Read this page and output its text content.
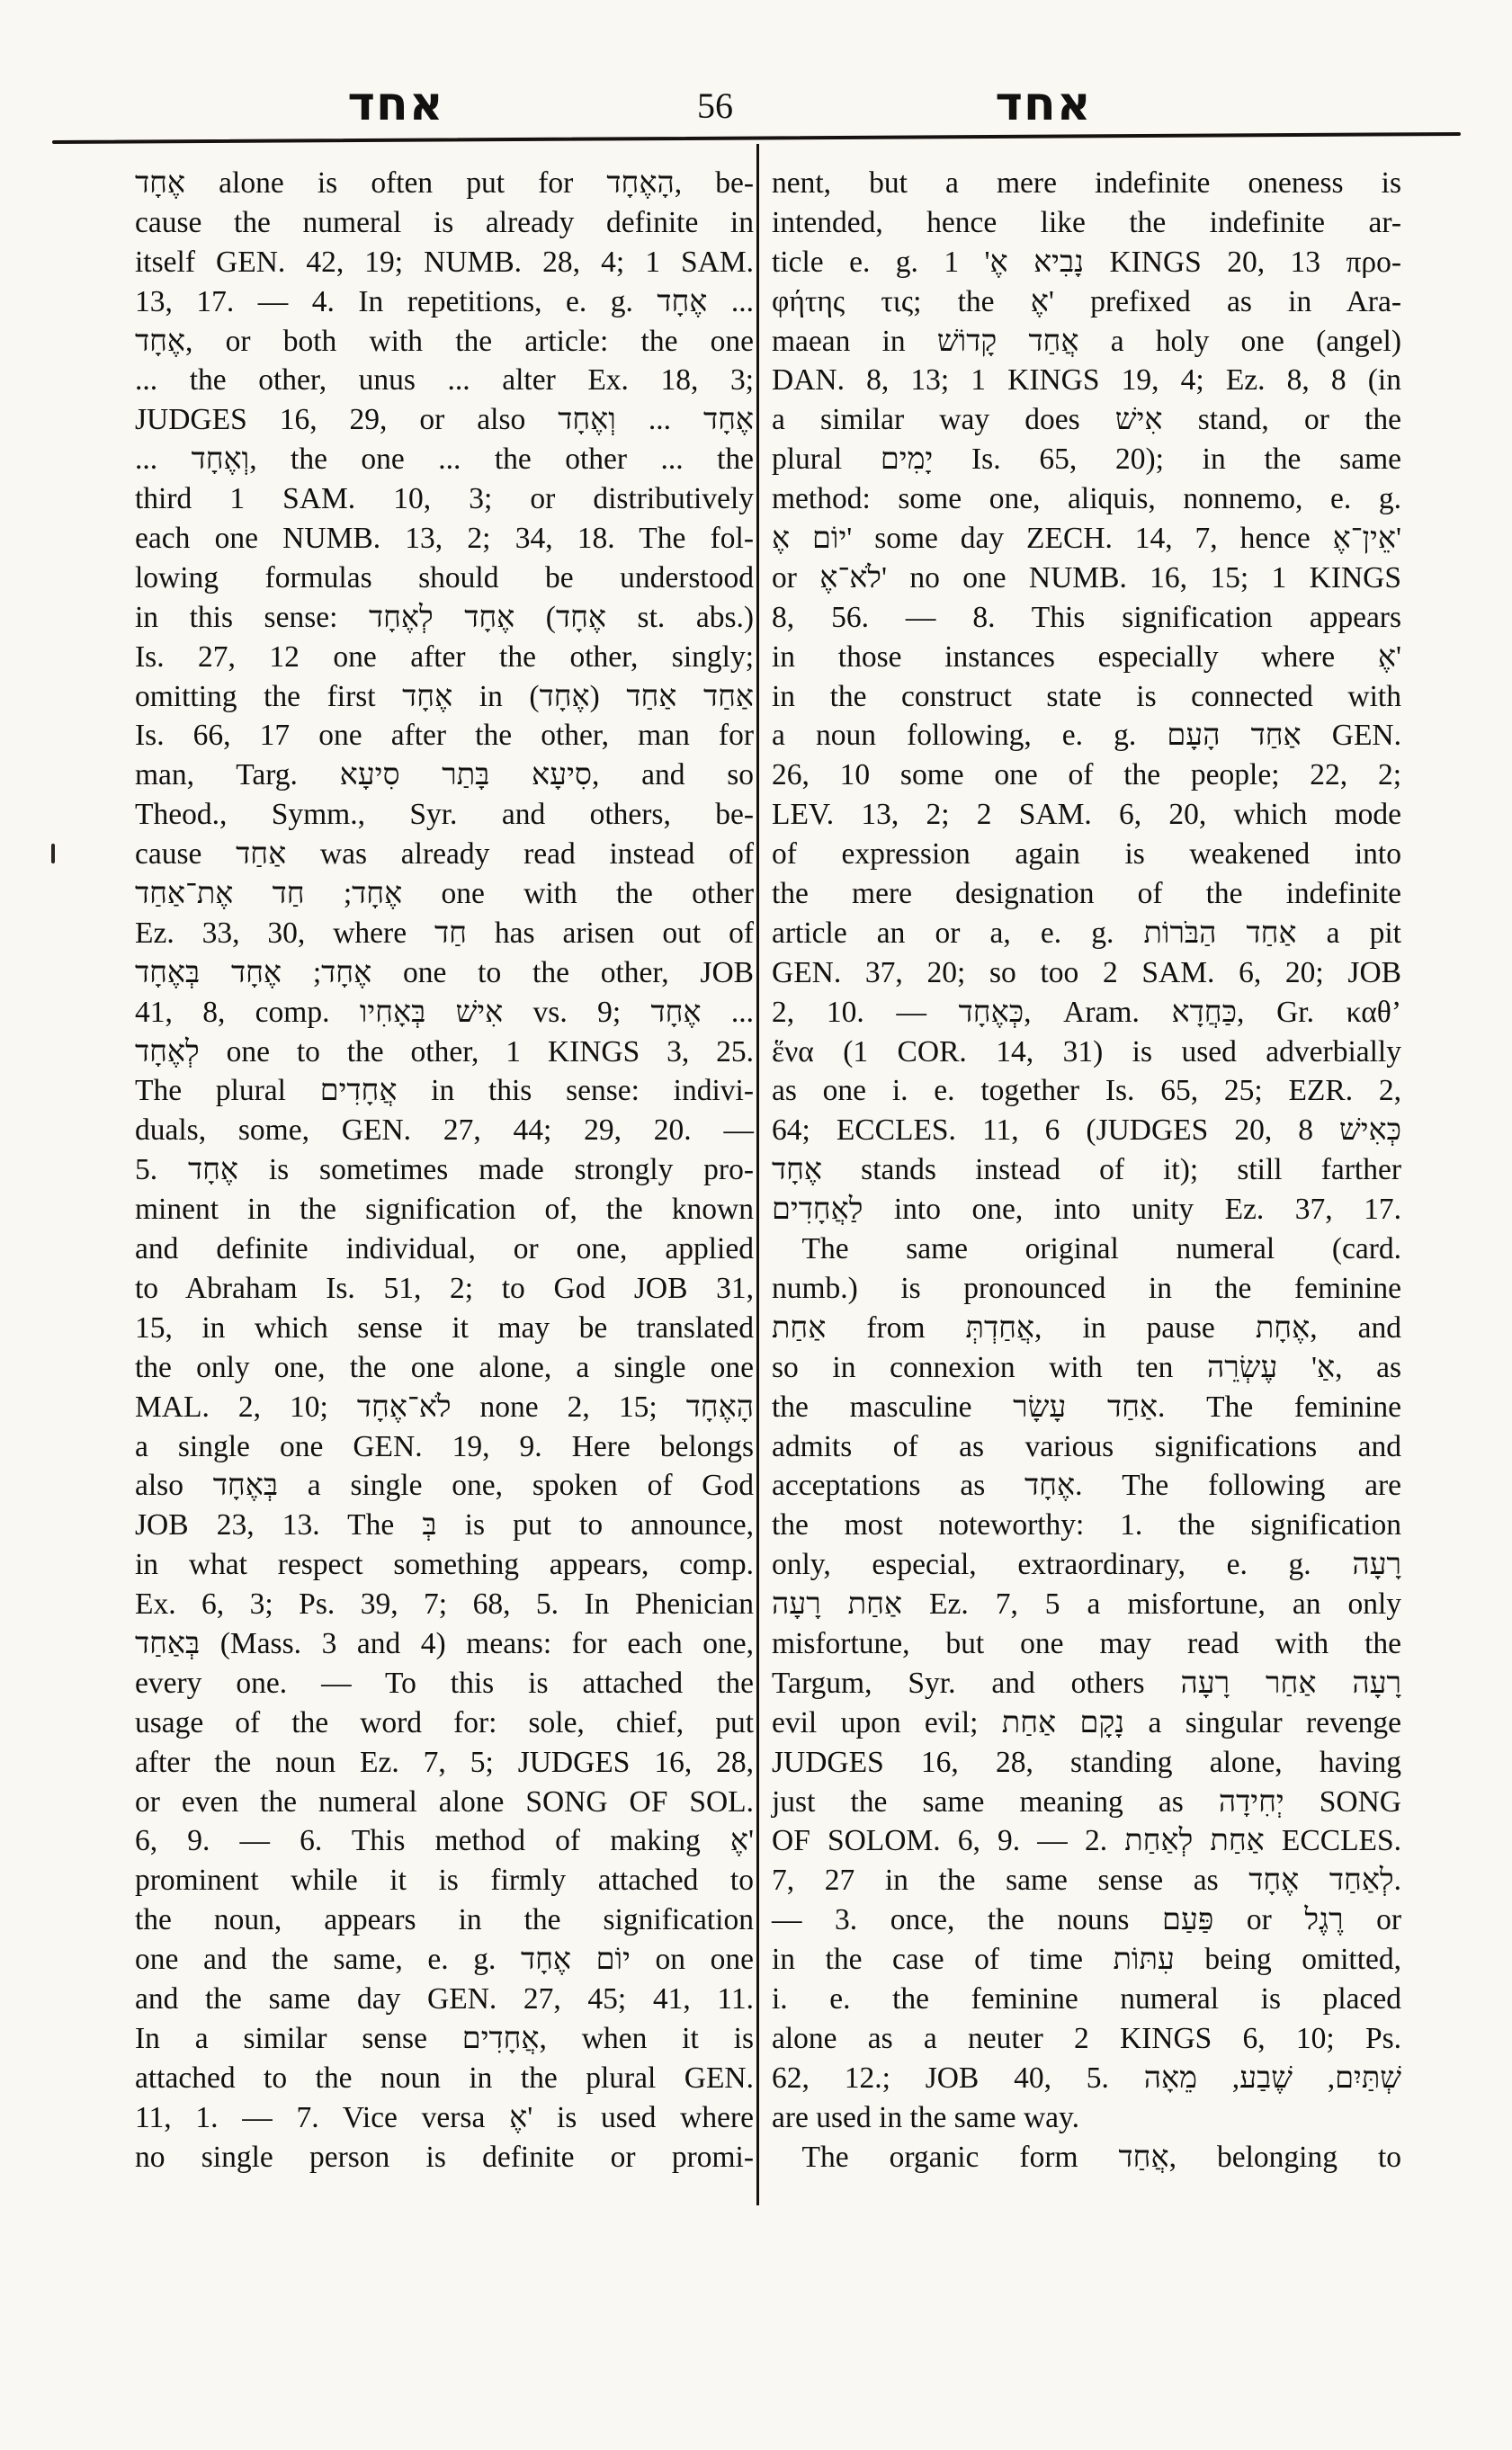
אחד	56	אחד
אֶחָד alone is often put for הָאֶחָד, be-
cause the numeral is already definite in
itself GEN. 42, 19; NUMB. 28, 4; 1 SAM.
13, 17. — 4. In repetitions, e. g. אֶחָד ...
אֶחָד, or both with the article: the one
... the other, unus ... alter Ex. 18, 3;
JUDGES 16, 29, or also אֶחָד ... וְאֶחָד
... וְאֶחָד, the one ... the other ... the
third 1 SAM. 10, 3; or distributively
each one NUMB. 13, 2; 34, 18. The fol-
lowing formulas should be understood
in this sense: אֶחָד לְאֶחָד (אֶחָד st. abs.)
Is. 27, 12 one after the other, singly;
omitting the first אֶחָד in אַחַד אַחַד (אֶחָד)
Is. 66, 17 one after the other, man for
man, Targ. סִיעָא בָּתַר סִיעָא, and so
Theod., Symm., Syr. and others, be-
cause אַחַד was already read instead of
אֶחָד; חַד אֶת־אַחַד one with the other
Ez. 33, 30, where חַד has arisen out of
אֶחָד; אֶחָד בְּאֶחָד one to the other, JOB
41, 8, comp. אִישׁ בְּאָחִיו vs. 9; אֶחָד ...
לְאֶחָד one to the other, 1 KINGS 3, 25.
The plural אֲחָדִים in this sense: indivi-
duals, some, GEN. 27, 44; 29, 20. —
5. אֶחָד is sometimes made strongly pro-
minent in the signification of, the known
and definite individual, or one, applied
to Abraham Is. 51, 2; to God JOB 31,
15, in which sense it may be translated
the only one, the one alone, a single one
MAL. 2, 10; לֹא־אֶחָד none 2, 15; הָאֶחָד
a single one GEN. 19, 9. Here belongs
also בְּאֶחָד a single one, spoken of God
JOB 23, 13. The בְּ is put to announce,
in what respect something appears, comp.
Ex. 6, 3; Ps. 39, 7; 68, 5. In Phenician
בְּאַחַד (Mass. 3 and 4) means: for each one,
every one. — To this is attached the
usage of the word for: sole, chief, put
after the noun Ez. 7, 5; JUDGES 16, 28,
or even the numeral alone SONG OF SOL.
6, 9. — 6. This method of making אֶ'
prominent while it is firmly attached to
the noun, appears in the signification
one and the same, e. g. יוֹם אֶחָד on one
and the same day GEN. 27, 45; 41, 11.
In a similar sense אֲחָדִים, when it is
attached to the noun in the plural GEN.
11, 1. — 7. Vice versa אֶ' is used where
no single person is definite or promi-
nent, but a mere indefinite oneness is
intended, hence like the indefinite ar-
ticle e. g. נָבִיא אֶ' 1 KINGS 20, 13 προ-
φήτης τις; the אֶ' prefixed as in Ara-
maean in אֲחַד קָדוֹשׁ a holy one (angel)
DAN. 8, 13; 1 KINGS 19, 4; Ez. 8, 8 (in
a similar way does אִישׁ stand, or the
plural יָמִים Is. 65, 20); in the same
method: some one, aliquis, nonnemo, e. g.
יוֹם אֶ' some day ZECH. 14, 7, hence אֵין־אֶ'
or לֹא־אֶ' no one NUMB. 16, 15; 1 KINGS
8, 56. — 8. This signification appears
in those instances especially where אֶ'
in the construct state is connected with
a noun following, e. g. אַחַד הָעָם GEN.
26, 10 some one of the people; 22, 2;
LEV. 13, 2; 2 SAM. 6, 20, which mode
of expression again is weakened into
the mere designation of the indefinite
article an or a, e. g. אַחַד הַבֹּרוֹת a pit
GEN. 37, 20; so too 2 SAM. 6, 20; JOB
2, 10. — כְּאֶחָד, Aram. כַּחֲדָא, Gr. καθ’
ἕνα (1 COR. 14, 31) is used adverbially
as one i. e. together Is. 65, 25; EZR. 2,
64; ECCLES. 11, 6 (JUDGES 20, 8 כְּאִישׁ
אֶחָד stands instead of it); still farther
לַאֲחָדִים into one, into unity Ez. 37, 17.
 The same original numeral (card.
numb.) is pronounced in the feminine
אַחַת from אֲחַדְתְּ, in pause אֶחָת, and
so in connexion with ten אַ' עֶשְׂרֵה, as
the masculine אַחַד עָשָׂר. The feminine
admits of as various significations and
acceptations as אֶחָד. The following are
the most noteworthy: 1. the signification
only, especial, extraordinary, e. g. רָעָה
אַחַת רָעָה Ez. 7, 5 a misfortune, an only
misfortune, but one may read with the
Targum, Syr. and others רָעָה אַחַר רָעָה
evil upon evil; נָקָם אַחַת a singular revenge
JUDGES 16, 28, standing alone, having
just the same meaning as יְחִידָה SONG
OF SOLOM. 6, 9. — 2. אַחַת לְאַחַת ECCLES.
7, 27 in the same sense as לְאַחַד אֶחָד.
— 3. once, the nouns פַּעַם or רֶגֶל or
in the case of time עִתּוֹת being omitted,
i. e. the feminine numeral is placed
alone as a neuter 2 KINGS 6, 10; Ps.
62, 12.; JOB 40, 5. שְׁתַּיִם, שֶׁבַע, מֵאָה
are used in the same way.
 The organic form אֲחַד, belonging to
